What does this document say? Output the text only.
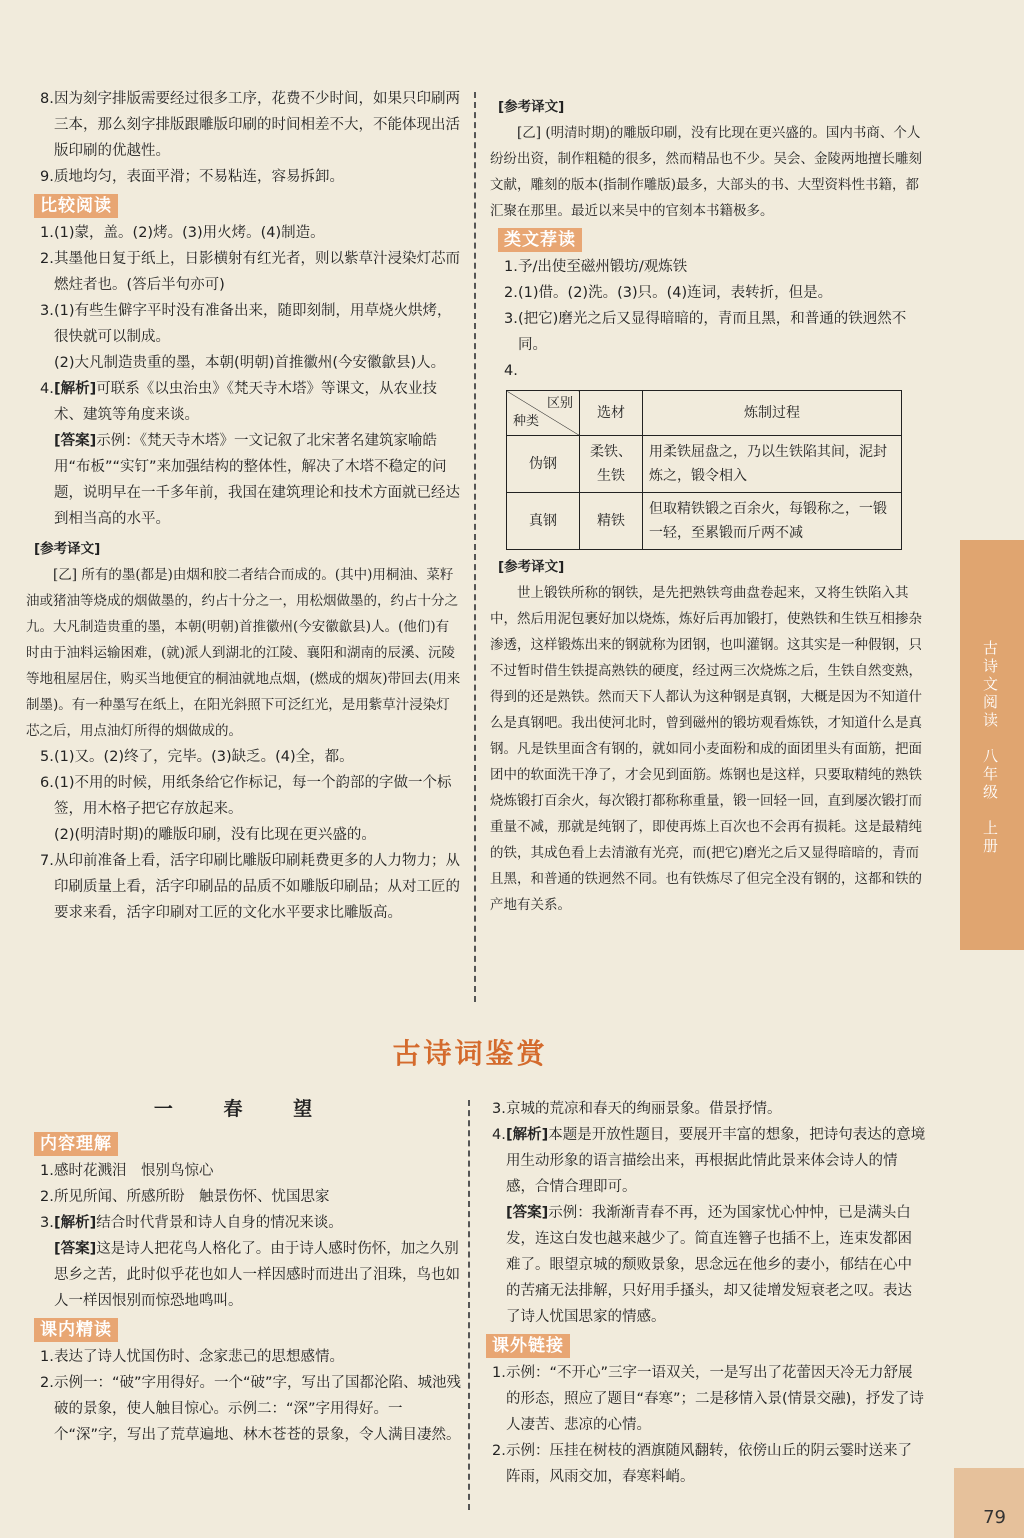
8.因为刻字排版需要经过很多工序，花费不少时间，如果只印刷两三本，那么刻字排版跟雕版印刷的时间相差不大，不能体现出活版印刷的优越性。

9.质地均匀，表面平滑；不易粘连，容易拆卸。

比较阅读

1.(1)蒙，盖。(2)烤。(3)用火烤。(4)制造。

2.其墨他日复于纸上，日影横射有红光者，则以紫草汁浸染灯芯而燃炷者也。(答后半句亦可)

3.(1)有些生僻字平时没有准备出来，随即刻制，用草烧火烘烤，很快就可以制成。

(2)大凡制造贵重的墨，本朝(明朝)首推徽州(今安徽歙县)人。

4.[解析]可联系《以虫治虫》《梵天寺木塔》等课文，从农业技术、建筑等角度来谈。

[答案]示例：《梵天寺木塔》一文记叙了北宋著名建筑家喻皓用“布板”“实钉”来加强结构的整体性，解决了木塔不稳定的问题，说明早在一千多年前，我国在建筑理论和技术方面就已经达到相当高的水平。

[参考译文]

[乙] 所有的墨(都是)由烟和胶二者结合而成的。(其中)用桐油、菜籽油或猪油等烧成的烟做墨的，约占十分之一，用松烟做墨的，约占十分之九。大凡制造贵重的墨，本朝(明朝)首推徽州(今安徽歙县)人。(他们)有时由于油料运输困难，(就)派人到湖北的江陵、襄阳和湖南的辰溪、沅陵等地租屋居住，购买当地便宜的桐油就地点烟，(燃成的烟灰)带回去(用来制墨)。有一种墨写在纸上，在阳光斜照下可泛红光，是用紫草汁浸染灯芯之后，用点油灯所得的烟做成的。

5.(1)又。(2)终了，完毕。(3)缺乏。(4)全，都。

6.(1)不用的时候，用纸条给它作标记，每一个韵部的字做一个标签，用木格子把它存放起来。

(2)(明清时期)的雕版印刷，没有比现在更兴盛的。

7.从印前准备上看，活字印刷比雕版印刷耗费更多的人力物力；从印刷质量上看，活字印刷品的品质不如雕版印刷品；从对工匠的要求来看，活字印刷对工匠的文化水平要求比雕版高。

[参考译文]

[乙] (明清时期)的雕版印刷，没有比现在更兴盛的。国内书商、个人纷纷出资，制作粗糙的很多，然而精品也不少。吴会、金陵两地擅长雕刻文献，雕刻的版本(指制作雕版)最多，大部头的书、大型资料性书籍，都汇聚在那里。最近以来吴中的官刻本书籍极多。

类文荐读

1.予/出使至磁州锻坊/观炼铁

2.(1)借。(2)洗。(3)只。(4)连词，表转折，但是。

3.(把它)磨光之后又显得暗暗的，青而且黑，和普通的铁迥然不同。

4.

区别
种类	选材	炼制过程
伪钢	柔铁、生铁	用柔铁屈盘之，乃以生铁陷其间，泥封炼之，锻令相入
真钢	精铁	但取精铁锻之百余火，每锻称之，一锻一轻，至累锻而斤两不减
[参考译文]

世上锻铁所称的钢铁，是先把熟铁弯曲盘卷起来，又将生铁陷入其中，然后用泥包裹好加以烧炼，炼好后再加锻打，使熟铁和生铁互相掺杂渗透，这样锻炼出来的钢就称为团钢，也叫灌钢。这其实是一种假钢，只不过暂时借生铁提高熟铁的硬度，经过两三次烧炼之后，生铁自然变熟，得到的还是熟铁。然而天下人都认为这种钢是真钢，大概是因为不知道什么是真钢吧。我出使河北时，曾到磁州的锻坊观看炼铁，才知道什么是真钢。凡是铁里面含有钢的，就如同小麦面粉和成的面团里头有面筋，把面团中的软面洗干净了，才会见到面筋。炼钢也是这样，只要取精纯的熟铁烧炼锻打百余火，每次锻打都称称重量，锻一回轻一回，直到屡次锻打而重量不减，那就是纯钢了，即使再炼上百次也不会再有损耗。这是最精纯的铁，其成色看上去清澈有光亮，而(把它)磨光之后又显得暗暗的，青而且黑，和普通的铁迥然不同。也有铁炼尽了但完全没有钢的，这都和铁的产地有关系。

古诗词鉴赏
一 春 望
内容理解

1.感时花溅泪　恨别鸟惊心

2.所见所闻、所感所盼　触景伤怀、忧国思家

3.[解析]结合时代背景和诗人自身的情况来谈。

[答案]这是诗人把花鸟人格化了。由于诗人感时伤怀，加之久别思乡之苦，此时似乎花也如人一样因感时而进出了泪珠，鸟也如人一样因恨别而惊恐地鸣叫。

课内精读

1.表达了诗人忧国伤时、念家悲己的思想感情。

2.示例一：“破”字用得好。一个“破”字，写出了国都沦陷、城池残破的景象，使人触目惊心。示例二：“深”字用得好。一个“深”字，写出了荒草遍地、林木苍苍的景象，令人满目凄然。

3.京城的荒凉和春天的绚丽景象。借景抒情。

4.[解析]本题是开放性题目，要展开丰富的想象，把诗句表达的意境用生动形象的语言描绘出来，再根据此情此景来体会诗人的情感，合情合理即可。

[答案]示例：我渐渐青春不再，还为国家忧心忡忡，已是满头白发，连这白发也越来越少了。简直连簪子也插不上，连束发都困难了。眼望京城的颓败景象，思念远在他乡的妻小，郁结在心中的苦痛无法排解，只好用手搔头，却又徒增发短衰老之叹。表达了诗人忧国思家的情感。

课外链接

1.示例：“不开心”三字一语双关，一是写出了花蕾因天冷无力舒展的形态，照应了题目“春寒”；二是移情入景(情景交融)，抒发了诗人凄苦、悲凉的心情。

2.示例：压挂在树枝的酒旗随风翻转，依傍山丘的阴云霎时送来了阵雨，风雨交加，春寒料峭。

古诗文阅读　八年级　上册
79
